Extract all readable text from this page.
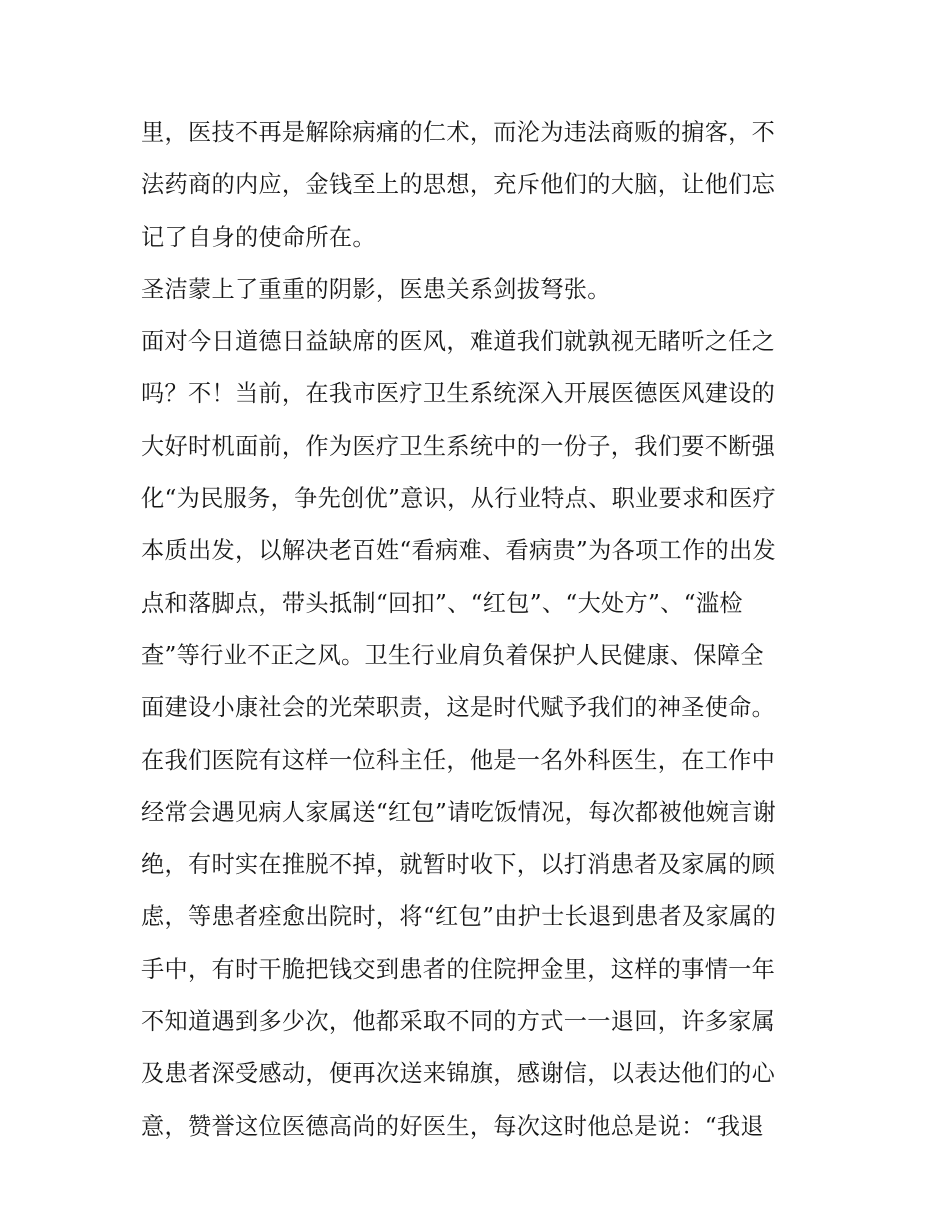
里，医技不再是解除病痛的仁术，而沦为违法商贩的掮客，不
法药商的内应，金钱至上的思想，充斥他们的大脑，让他们忘
记了自身的使命所在。
圣洁蒙上了重重的阴影，医患关系剑拔弩张。
面对今日道德日益缺席的医风，难道我们就孰视无睹听之任之
吗？不！当前，在我市医疗卫生系统深入开展医德医风建设的
大好时机面前，作为医疗卫生系统中的一份子，我们要不断强
化“为民服务，争先创优”意识，从行业特点、职业要求和医疗
本质出发，以解决老百姓“看病难、看病贵”为各项工作的出发
点和落脚点，带头抵制“回扣”、“红包”、“大处方”、“滥检
查”等行业不正之风。卫生行业肩负着保护人民健康、保障全
面建设小康社会的光荣职责，这是时代赋予我们的神圣使命。
在我们医院有这样一位科主任，他是一名外科医生，在工作中
经常会遇见病人家属送“红包”请吃饭情况，每次都被他婉言谢
绝，有时实在推脱不掉，就暂时收下，以打消患者及家属的顾
虑，等患者痊愈出院时，将“红包”由护士长退到患者及家属的
手中，有时干脆把钱交到患者的住院押金里，这样的事情一年
不知道遇到多少次，他都采取不同的方式一一退回，许多家属
及患者深受感动，便再次送来锦旗，感谢信，以表达他们的心
意，赞誉这位医德高尚的好医生，每次这时他总是说：“我退
